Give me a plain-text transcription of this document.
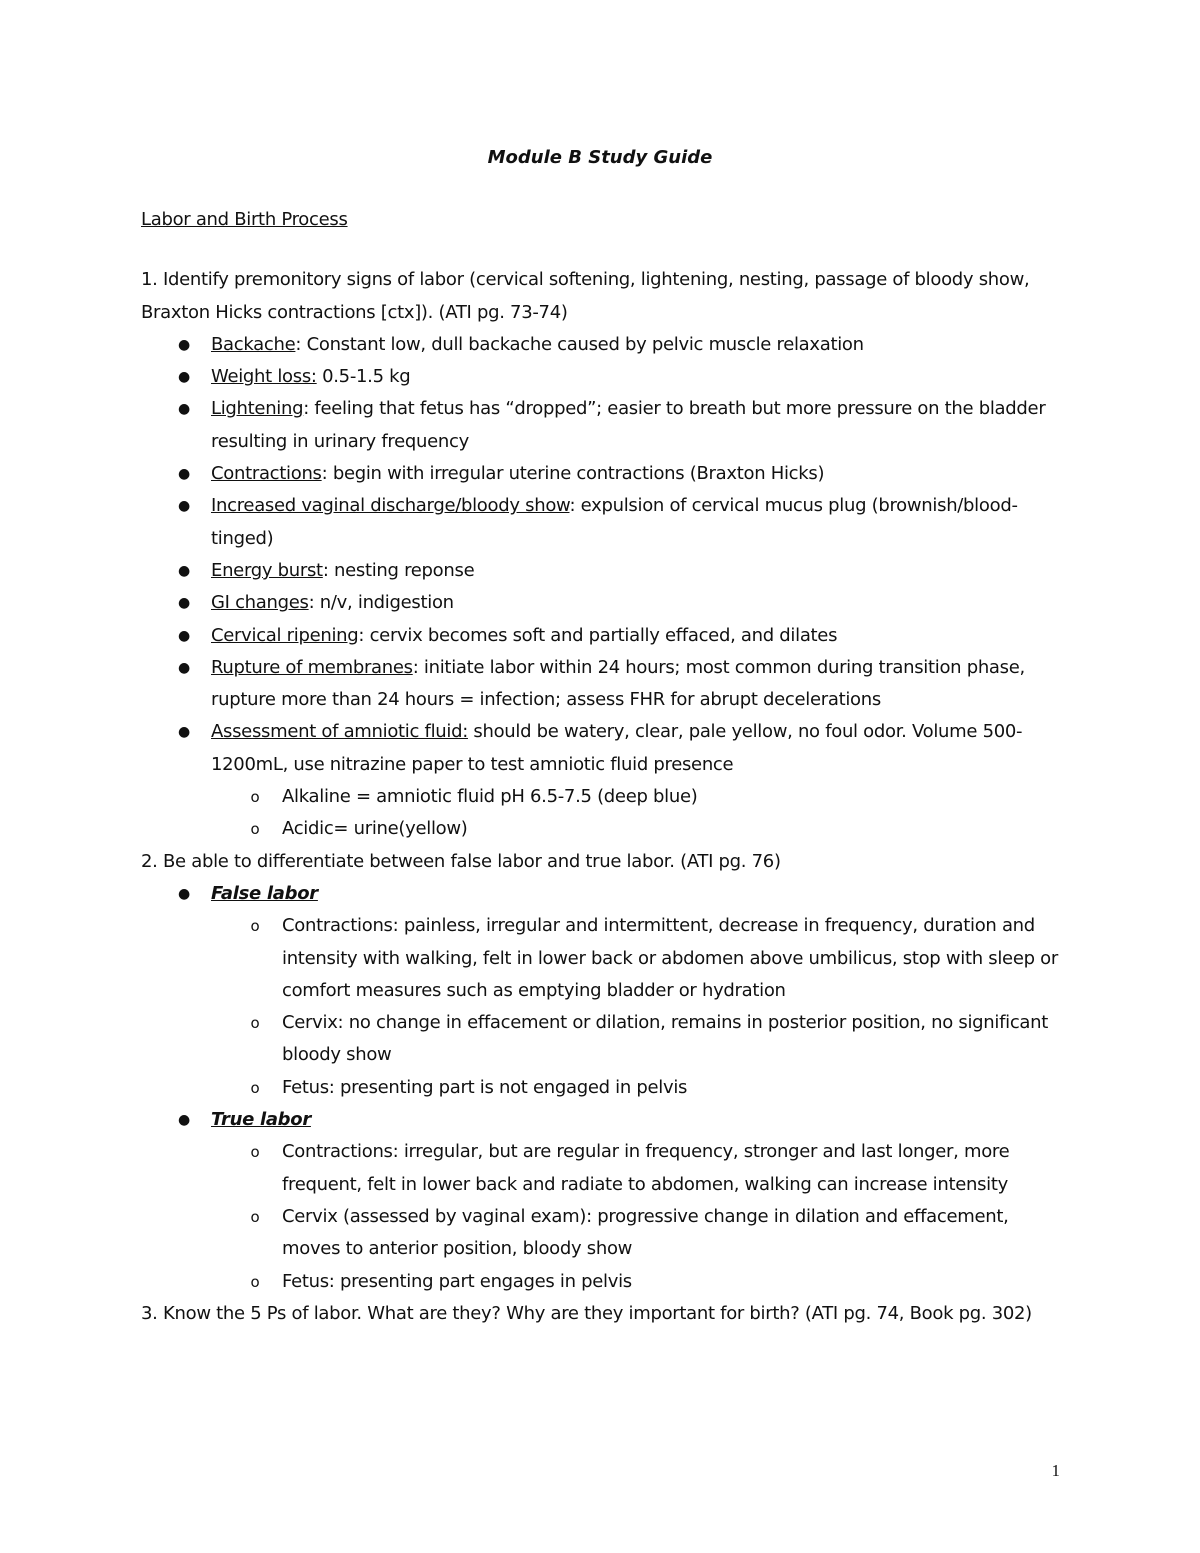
Module B Study Guide

Labor and Birth Process

1. Identify premonitory signs of labor (cervical softening, lightening, nesting, passage of bloody show, Braxton Hicks contractions [ctx]). (ATI pg. 73-74)

● Backache: Constant low, dull backache caused by pelvic muscle relaxation
● Weight loss: 0.5-1.5 kg
● Lightening: feeling that fetus has “dropped”; easier to breath but more pressure on the bladder resulting in urinary frequency
● Contractions: begin with irregular uterine contractions (Braxton Hicks)
● Increased vaginal discharge/bloody show: expulsion of cervical mucus plug (brownish/blood-tinged)
● Energy burst: nesting reponse
● GI changes: n/v, indigestion
● Cervical ripening: cervix becomes soft and partially effaced, and dilates
● Rupture of membranes: initiate labor within 24 hours; most common during transition phase, rupture more than 24 hours = infection; assess FHR for abrupt decelerations
● Assessment of amniotic fluid: should be watery, clear, pale yellow, no foul odor. Volume 500-1200mL, use nitrazine paper to test amniotic fluid presence
o	Alkaline = amniotic fluid pH 6.5-7.5 (deep blue)
o	Acidic= urine(yellow)

2. Be able to differentiate between false labor and true labor. (ATI pg. 76)

● False labor
o	Contractions: painless, irregular and intermittent, decrease in frequency, duration and intensity with walking, felt in lower back or abdomen above umbilicus, stop with sleep or comfort measures such as emptying bladder or hydration
o	Cervix: no change in effacement or dilation, remains in posterior position, no significant bloody show
o	Fetus: presenting part is not engaged in pelvis
● True labor
o	Contractions: irregular, but are regular in frequency, stronger and last longer, more frequent, felt in lower back and radiate to abdomen, walking can increase intensity
o	Cervix (assessed by vaginal exam): progressive change in dilation and effacement, moves to anterior position, bloody show
o	Fetus: presenting part engages in pelvis

3. Know the 5 Ps of labor. What are they? Why are they important for birth? (ATI pg. 74, Book pg. 302)

1
